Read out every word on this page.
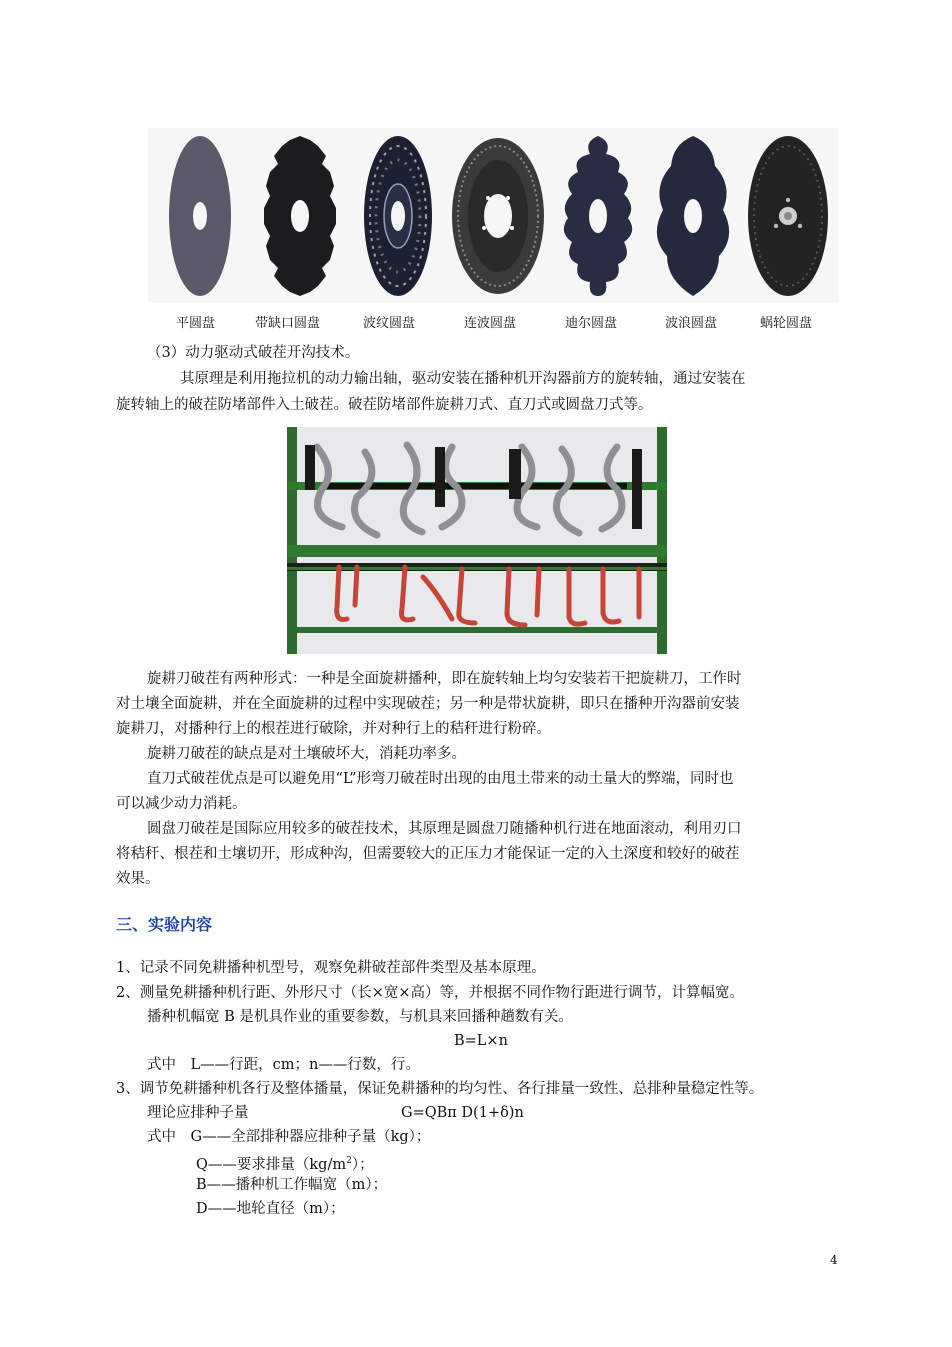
平圆盘	带缺口圆盘	波纹圆盘	连波圆盘	迪尔圆盘	波浪圆盘	蜗轮圆盘
（3）动力驱动式破茬开沟技术。
其原理是利用拖拉机的动力输出轴，驱动安装在播种机开沟器前方的旋转轴，通过安装在
旋转轴上的破茬防堵部件入土破茬。破茬防堵部件旋耕刀式、直刀式或圆盘刀式等。
旋耕刀破茬有两种形式：一种是全面旋耕播种，即在旋转轴上均匀安装若干把旋耕刀，工作时
对土壤全面旋耕，并在全面旋耕的过程中实现破茬；另一种是带状旋耕，即只在播种开沟器前安装
旋耕刀，对播种行上的根茬进行破除，并对种行上的秸秆进行粉碎。
旋耕刀破茬的缺点是对土壤破坏大，消耗功率多。
直刀式破茬优点是可以避免用“L”形弯刀破茬时出现的由甩土带来的动土量大的弊端，同时也
可以减少动力消耗。
圆盘刀破茬是国际应用较多的破茬技术，其原理是圆盘刀随播种机行进在地面滚动，利用刃口
将秸秆、根茬和土壤切开，形成种沟，但需要较大的正压力才能保证一定的入土深度和较好的破茬
效果。
三、实验内容
1、记录不同免耕播种机型号，观察免耕破茬部件类型及基本原理。
2、测量免耕播种机行距、外形尺寸（长×宽×高）等，并根据不同作物行距进行调节，计算幅宽。
播种机幅宽 B 是机具作业的重要参数，与机具来回播种趟数有关。
B=L×n
式中　L——行距，cm；n——行数，行。
3、调节免耕播种机各行及整体播量，保证免耕播种的均匀性、各行排量一致性、总排种量稳定性等。
理论应排种子量	G=QBπ D(1+δ)n
式中　G——全部排种器应排种子量（kg）；
Q——要求排量$(kg/m^2)$；
B——播种机工作幅宽（m）；
D——地轮直径（m）；
4
